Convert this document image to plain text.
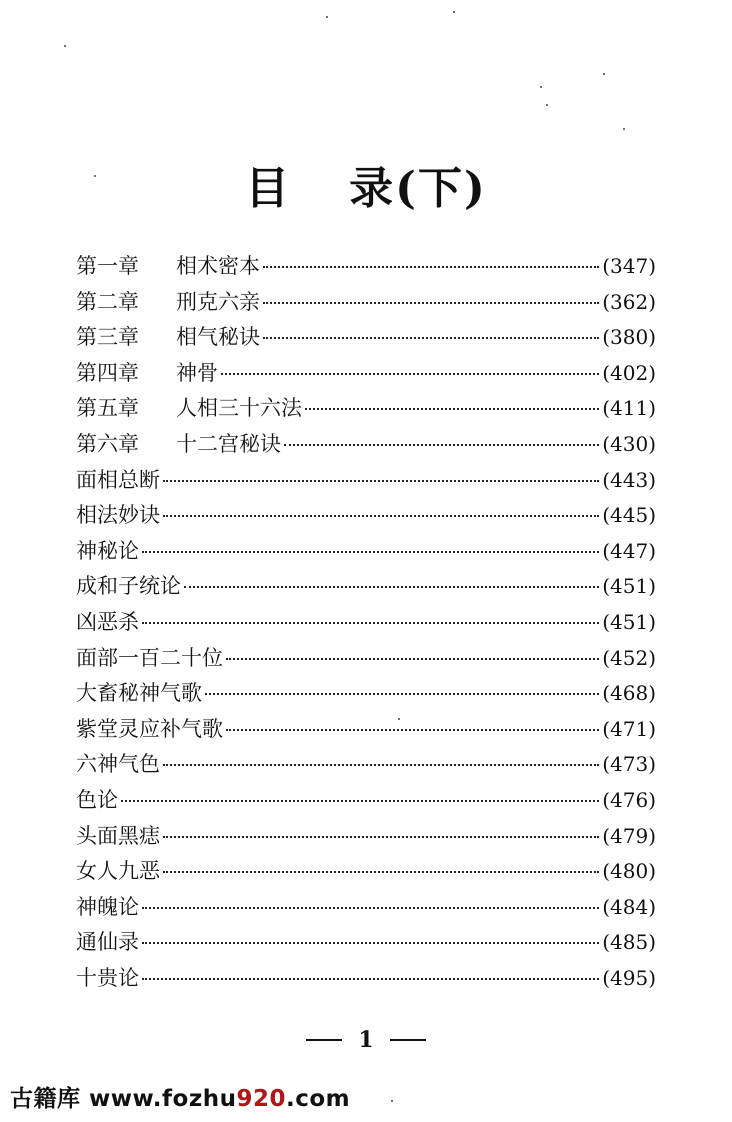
目 录(下)
第一章	相术密本	(347)
第二章	刑克六亲	(362)
第三章	相气秘诀	(380)
第四章	神骨	(402)
第五章	人相三十六法	(411)
第六章	十二宫秘诀	(430)
面相总断	(443)
相法妙诀	(445)
神秘论	(447)
成和子统论	(451)
凶恶杀	(451)
面部一百二十位	(452)
大畜秘神气歌	(468)
紫堂灵应补气歌	(471)
六神气色	(473)
色论	(476)
头面黑痣	(479)
女人九恶	(480)
神魄论	(484)
通仙录	(485)
十贵论	(495)
1
古籍库 www.fozhu920.com
